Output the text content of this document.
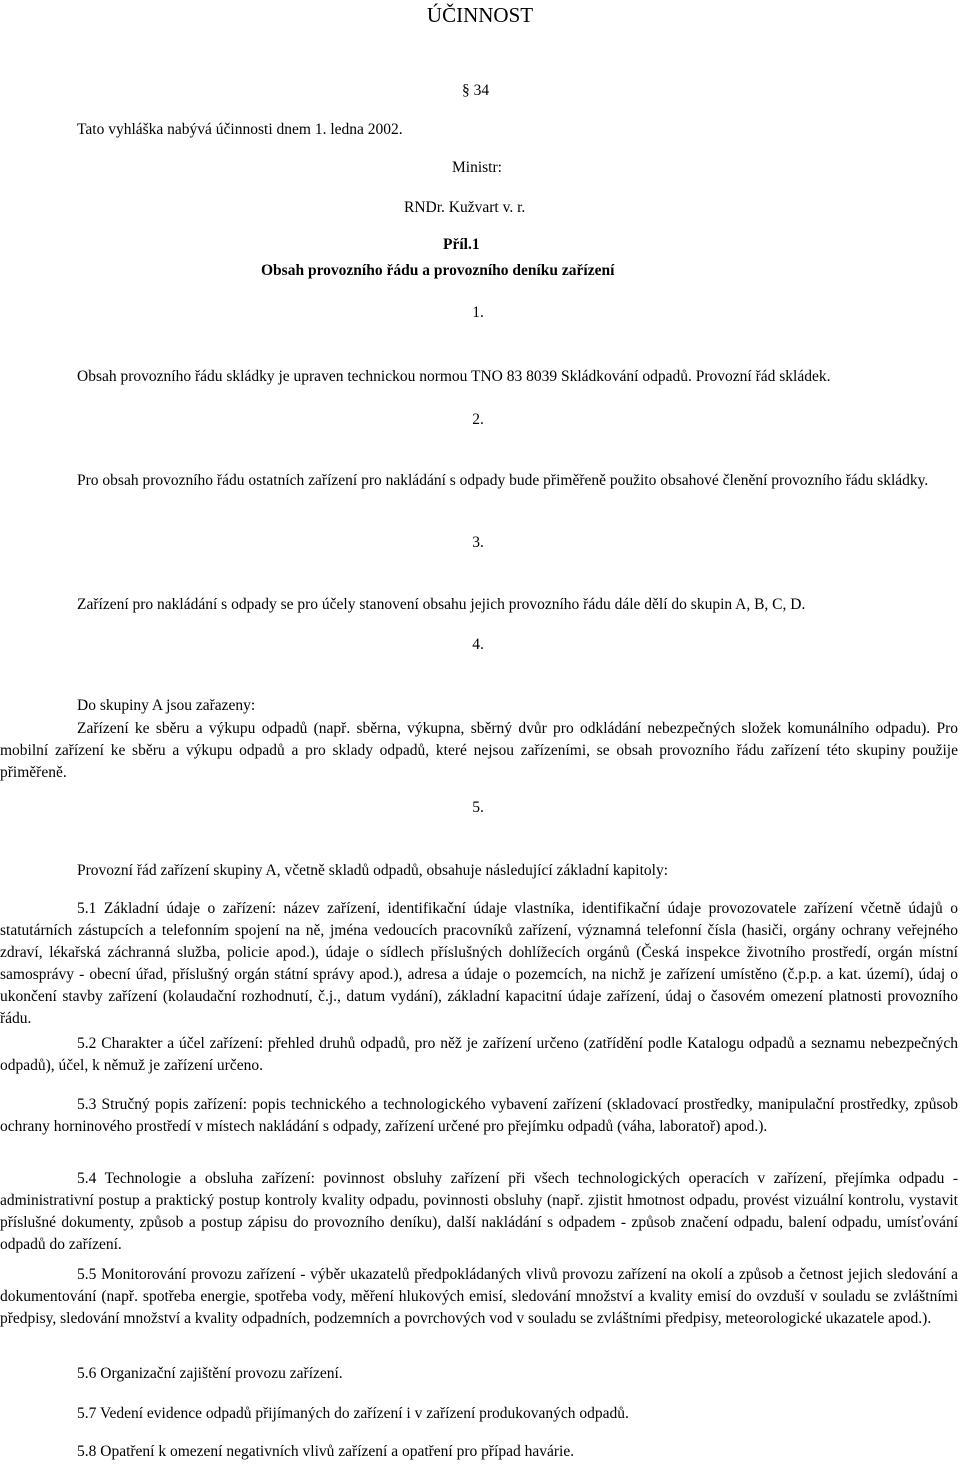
ÚČINNOST
§ 34
Tato vyhláška nabývá účinnosti dnem 1. ledna 2002.
Ministr:
RNDr. Kužvart v. r.
Příl.1
Obsah provozního řádu a provozního deníku zařízení
1.
Obsah provozního řádu skládky je upraven technickou normou TNO 83 8039 Skládkování odpadů. Provozní řád skládek.
2.

Pro obsah provozního řádu ostatních zařízení pro nakládání s odpady bude přiměřeně použito obsahové členění provozního řádu skládky.

3.
Zařízení pro nakládání s odpady se pro účely stanovení obsahu jejich provozního řádu dále dělí do skupin A, B, C, D.
4.
Do skupiny A jsou zařazeny:

Zařízení ke sběru a výkupu odpadů (např. sběrna, výkupna, sběrný dvůr pro odkládání nebezpečných složek komunálního odpadu). Pro mobilní zařízení ke sběru a výkupu odpadů a pro sklady odpadů, které nejsou zařízeními, se obsah provozního řádu zařízení této skupiny použije přiměřeně.

5.
Provozní řád zařízení skupiny A, včetně skladů odpadů, obsahuje následující základní kapitoly:

5.1 Základní údaje o zařízení: název zařízení, identifikační údaje vlastníka, identifikační údaje provozovatele zařízení včetně údajů o statutárních zástupcích a telefonním spojení na ně, jména vedoucích pracovníků zařízení, významná telefonní čísla (hasiči, orgány ochrany veřejného zdraví, lékařská záchranná služba, policie apod.), údaje o sídlech příslušných dohlížecích orgánů (Česká inspekce životního prostředí, orgán místní samosprávy - obecní úřad, příslušný orgán státní správy apod.), adresa a údaje o pozemcích, na nichž je zařízení umístěno (č.p.p. a kat. území), údaj o ukončení stavby zařízení (kolaudační rozhodnutí, č.j., datum vydání), základní kapacitní údaje zařízení, údaj o časovém omezení platnosti provozního řádu.

5.2 Charakter a účel zařízení: přehled druhů odpadů, pro něž je zařízení určeno (zatřídění podle Katalogu odpadů a seznamu nebezpečných odpadů), účel, k němuž je zařízení určeno.

5.3 Stručný popis zařízení: popis technického a technologického vybavení zařízení (skladovací prostředky, manipulační prostředky, způsob ochrany horninového prostředí v místech nakládání s odpady, zařízení určené pro přejímku odpadů (váha, laboratoř) apod.).

5.4 Technologie a obsluha zařízení: povinnost obsluhy zařízení při všech technologických operacích v zařízení, přejímka odpadu - administrativní postup a praktický postup kontroly kvality odpadu, povinnosti obsluhy (např. zjistit hmotnost odpadu, provést vizuální kontrolu, vystavit příslušné dokumenty, způsob a postup zápisu do provozního deníku), další nakládání s odpadem - způsob značení odpadu, balení odpadu, umísťování odpadů do zařízení.

5.5 Monitorování provozu zařízení - výběr ukazatelů předpokládaných vlivů provozu zařízení na okolí a způsob a četnost jejich sledování a dokumentování (např. spotřeba energie, spotřeba vody, měření hlukových emisí, sledování množství a kvality emisí do ovzduší v souladu se zvláštními předpisy, sledování množství a kvality odpadních, podzemních a povrchových vod v souladu se zvláštními předpisy, meteorologické ukazatele apod.).

5.6 Organizační zajištění provozu zařízení.
5.7 Vedení evidence odpadů přijímaných do zařízení i v zařízení produkovaných odpadů.
5.8 Opatření k omezení negativních vlivů zařízení a opatření pro případ havárie.
